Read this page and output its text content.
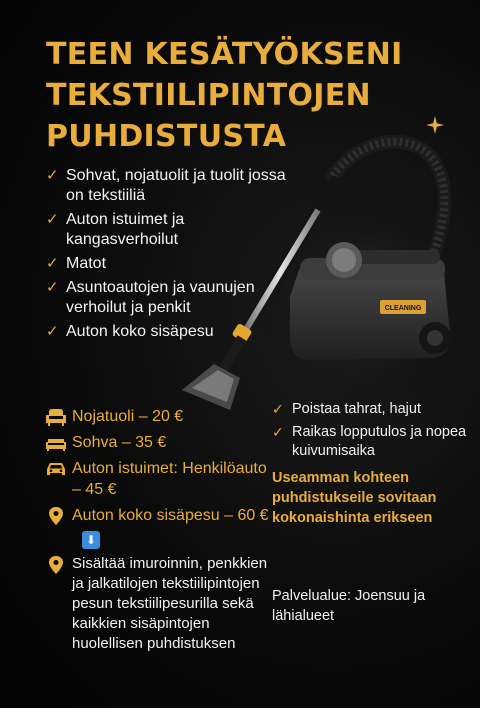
TEEN KESÄTYÖKSENI
TEKSTIILIPINTOJEN
PUHDISTUSTA
CLEANING
✓ Sohvat, nojatuolit ja tuolit jossa on tekstiiliä
✓ Auton istuimet ja kangasverhoilut
✓ Matot
✓ Asuntoautojen ja vaunujen verhoilut ja penkit
✓ Auton koko sisäpesu
Nojatuoli – 20 €
Sohva – 35 €
Auton istuimet: Henkilöauto – 45 €
Auton koko sisäpesu – 60 €⬇
Sisältää imuroinnin, penkkien ja jalkatilojen tekstiilipintojen pesun tekstiilipesurilla sekä kaikkien sisäpintojen huolellisen puhdistuksen
✓ Poistaa tahrat, hajut
✓ Raikas lopputulos ja nopea kuivumisaika

Useamman kohteen puhdistukseile sovitaan kokonaishinta erikseen

Palvelualue: Joensuu ja lähialueet
